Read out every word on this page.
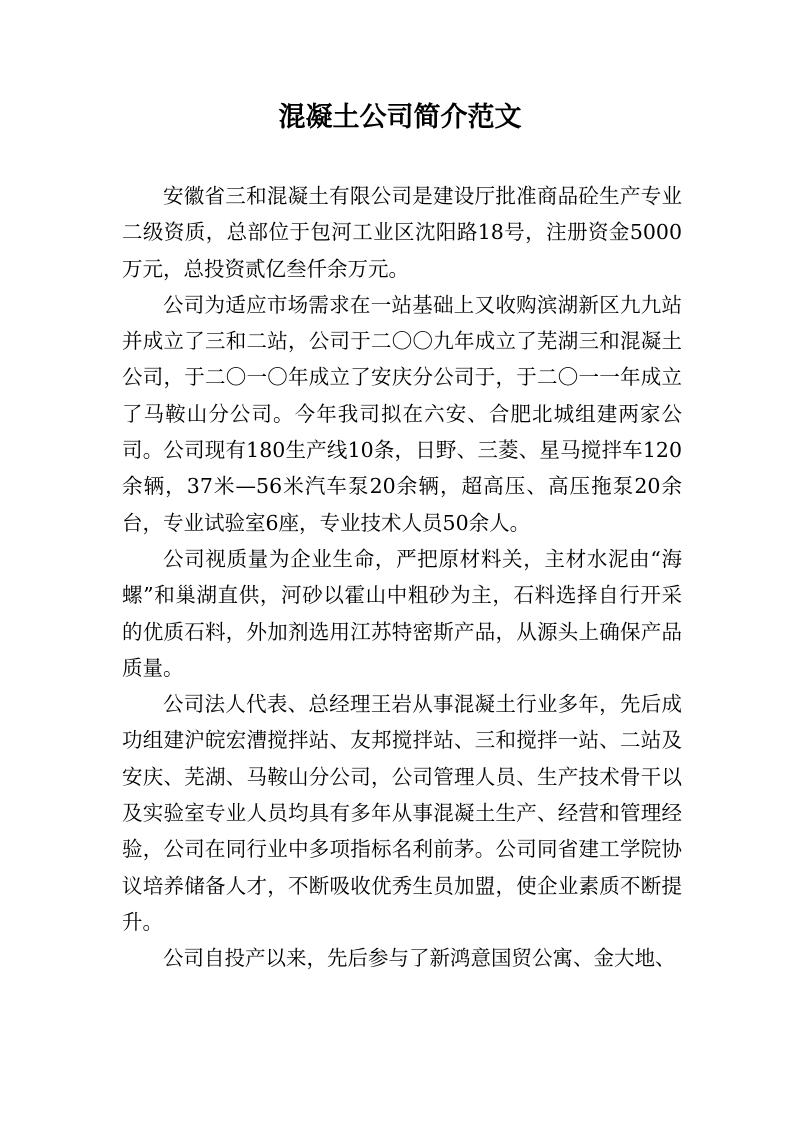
混凝土公司简介范文

安徽省三和混凝土有限公司是建设厅批准商品砼生产专业二级资质，总部位于包河工业区沈阳路18号，注册资金5000万元，总投资贰亿叁仟余万元。

公司为适应市场需求在一站基础上又收购滨湖新区九九站并成立了三和二站，公司于二〇〇九年成立了芜湖三和混凝土公司，于二〇一〇年成立了安庆分公司于，于二〇一一年成立了马鞍山分公司。今年我司拟在六安、合肥北城组建两家公司。公司现有180生产线10条，日野、三菱、星马搅拌车120余辆，37米—56米汽车泵20余辆，超高压、高压拖泵20余台，专业试验室6座，专业技术人员50余人。

公司视质量为企业生命，严把原材料关，主材水泥由“海螺”和巢湖直供，河砂以霍山中粗砂为主，石料选择自行开采的优质石料，外加剂选用江苏特密斯产品，从源头上确保产品质量。

公司法人代表、总经理王岩从事混凝土行业多年，先后成功组建沪皖宏漕搅拌站、友邦搅拌站、三和搅拌一站、二站及安庆、芜湖、马鞍山分公司，公司管理人员、生产技术骨干以及实验室专业人员均具有多年从事混凝土生产、经营和管理经验，公司在同行业中多项指标名利前茅。公司同省建工学院协议培养储备人才，不断吸收优秀生员加盟，使企业素质不断提升。

公司自投产以来，先后参与了新鸿意国贸公寓、金大地、
